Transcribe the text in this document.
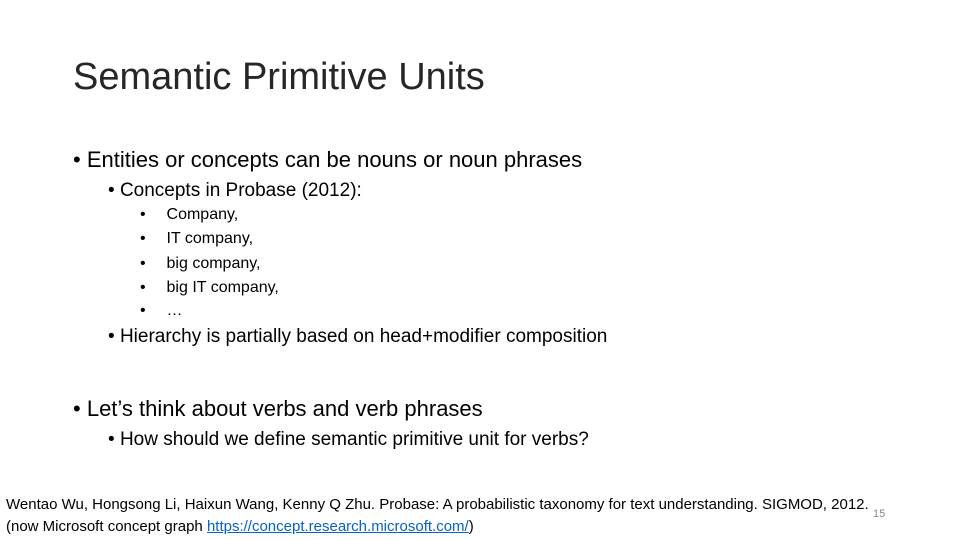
Semantic Primitive Units
• Entities or concepts can be nouns or noun phrases
• Concepts in Probase (2012):
• Company,
• IT company,
• big company,
• big IT company,
• …
• Hierarchy is partially based on head+modifier composition
• Let’s think about verbs and verb phrases
• How should we define semantic primitive unit for verbs?
Wentao Wu, Hongsong Li, Haixun Wang, Kenny Q Zhu. Probase: A probabilistic taxonomy for text understanding. SIGMOD, 2012.
(now Microsoft concept graph https://concept.research.microsoft.com/)
15
